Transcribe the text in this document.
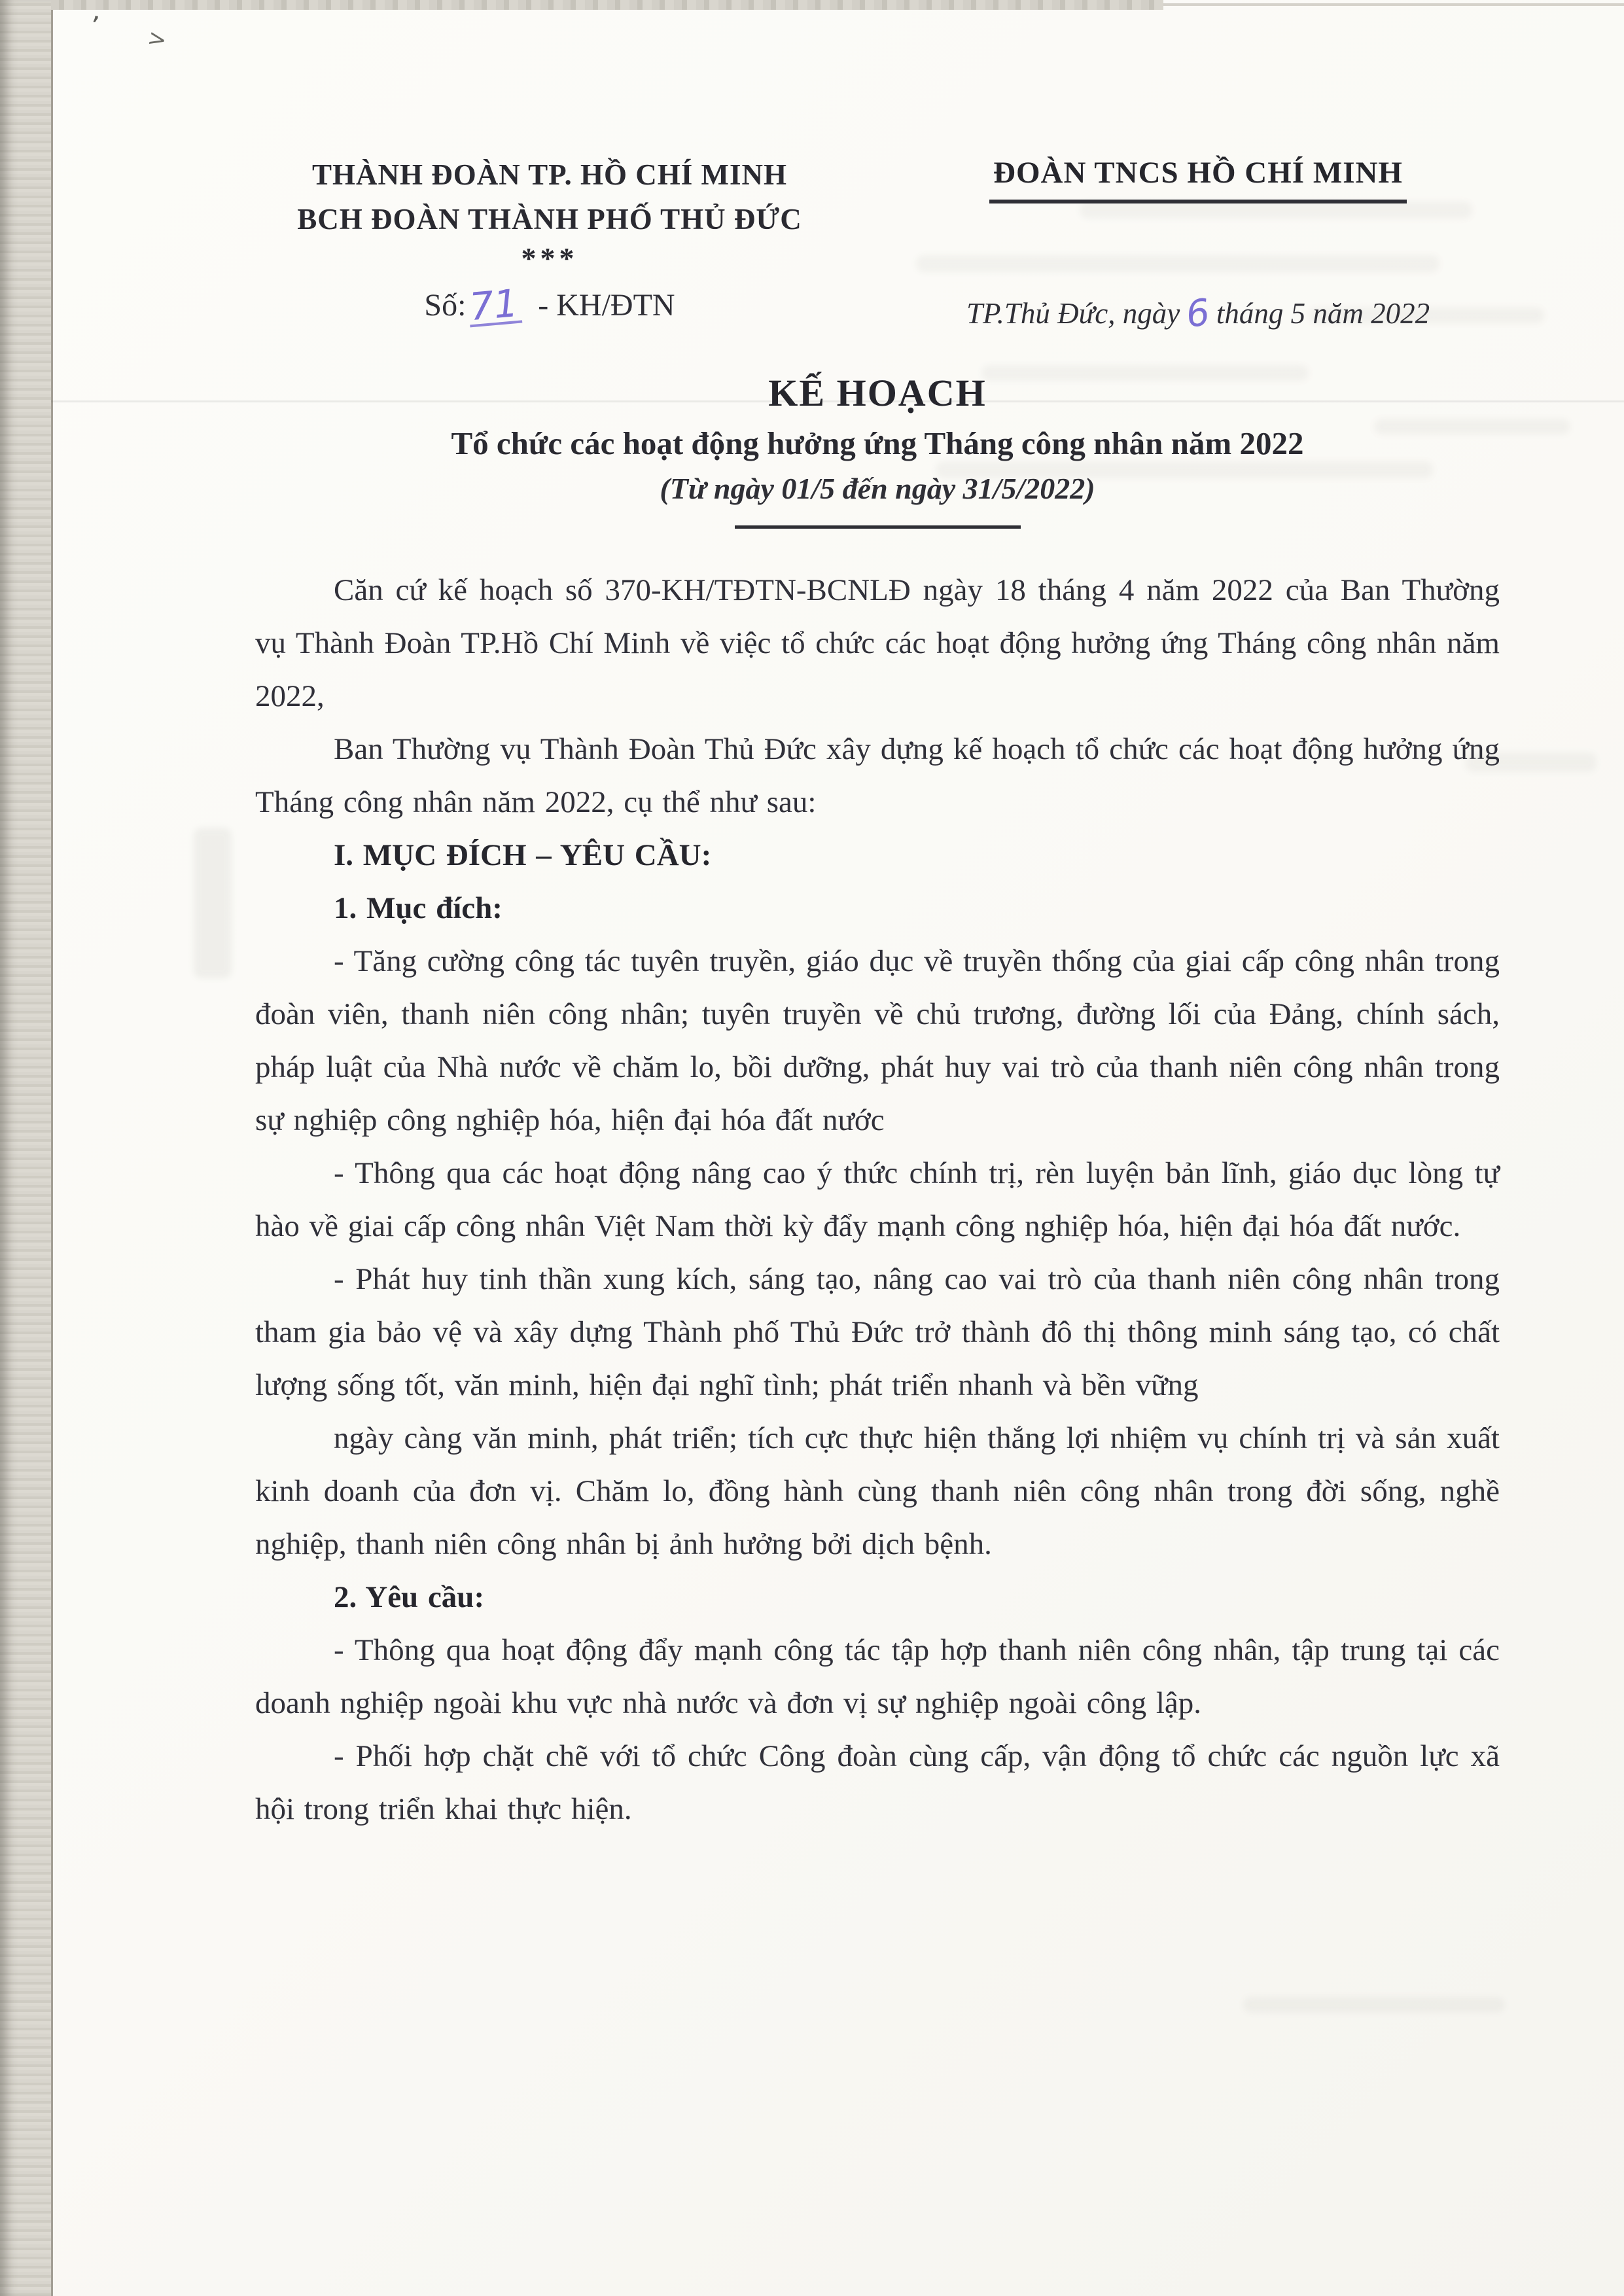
’ >
THÀNH ĐOÀN TP. HỒ CHÍ MINH
BCH ĐOÀN THÀNH PHỐ THỦ ĐỨC
***
Số:71 - KH/ĐTN
ĐOÀN TNCS HỒ CHÍ MINH
TP.Thủ Đức, ngày 6 tháng 5 năm 2022
KẾ HOẠCH
Tổ chức các hoạt động hưởng ứng Tháng công nhân năm 2022
(Từ ngày 01/5 đến ngày 31/5/2022)

Căn cứ kế hoạch số 370-KH/TĐTN-BCNLĐ ngày 18 tháng 4 năm 2022 của Ban Thường vụ Thành Đoàn TP.Hồ Chí Minh về việc tổ chức các hoạt động hưởng ứng Tháng công nhân năm 2022,

Ban Thường vụ Thành Đoàn Thủ Đức xây dựng kế hoạch tổ chức các hoạt động hưởng ứng Tháng công nhân năm 2022, cụ thể như sau:

I. MỤC ĐÍCH – YÊU CẦU:

1. Mục đích:

- Tăng cường công tác tuyên truyền, giáo dục về truyền thống của giai cấp công nhân trong đoàn viên, thanh niên công nhân; tuyên truyền về chủ trương, đường lối của Đảng, chính sách, pháp luật của Nhà nước về chăm lo, bồi dưỡng, phát huy vai trò của thanh niên công nhân trong sự nghiệp công nghiệp hóa, hiện đại hóa đất nước

- Thông qua các hoạt động nâng cao ý thức chính trị, rèn luyện bản lĩnh, giáo dục lòng tự hào về giai cấp công nhân Việt Nam thời kỳ đẩy mạnh công nghiệp hóa, hiện đại hóa đất nước.

- Phát huy tinh thần xung kích, sáng tạo, nâng cao vai trò của thanh niên công nhân trong tham gia bảo vệ và xây dựng Thành phố Thủ Đức trở thành đô thị thông minh sáng tạo, có chất lượng sống tốt, văn minh, hiện đại nghĩ tình; phát triển nhanh và bền vững

ngày càng văn minh, phát triển; tích cực thực hiện thắng lợi nhiệm vụ chính trị và sản xuất kinh doanh của đơn vị. Chăm lo, đồng hành cùng thanh niên công nhân trong đời sống, nghề nghiệp, thanh niên công nhân bị ảnh hưởng bởi dịch bệnh.

2. Yêu cầu:

- Thông qua hoạt động đẩy mạnh công tác tập hợp thanh niên công nhân, tập trung tại các doanh nghiệp ngoài khu vực nhà nước và đơn vị sự nghiệp ngoài công lập.

- Phối hợp chặt chẽ với tổ chức Công đoàn cùng cấp, vận động tổ chức các nguồn lực xã hội trong triển khai thực hiện.
